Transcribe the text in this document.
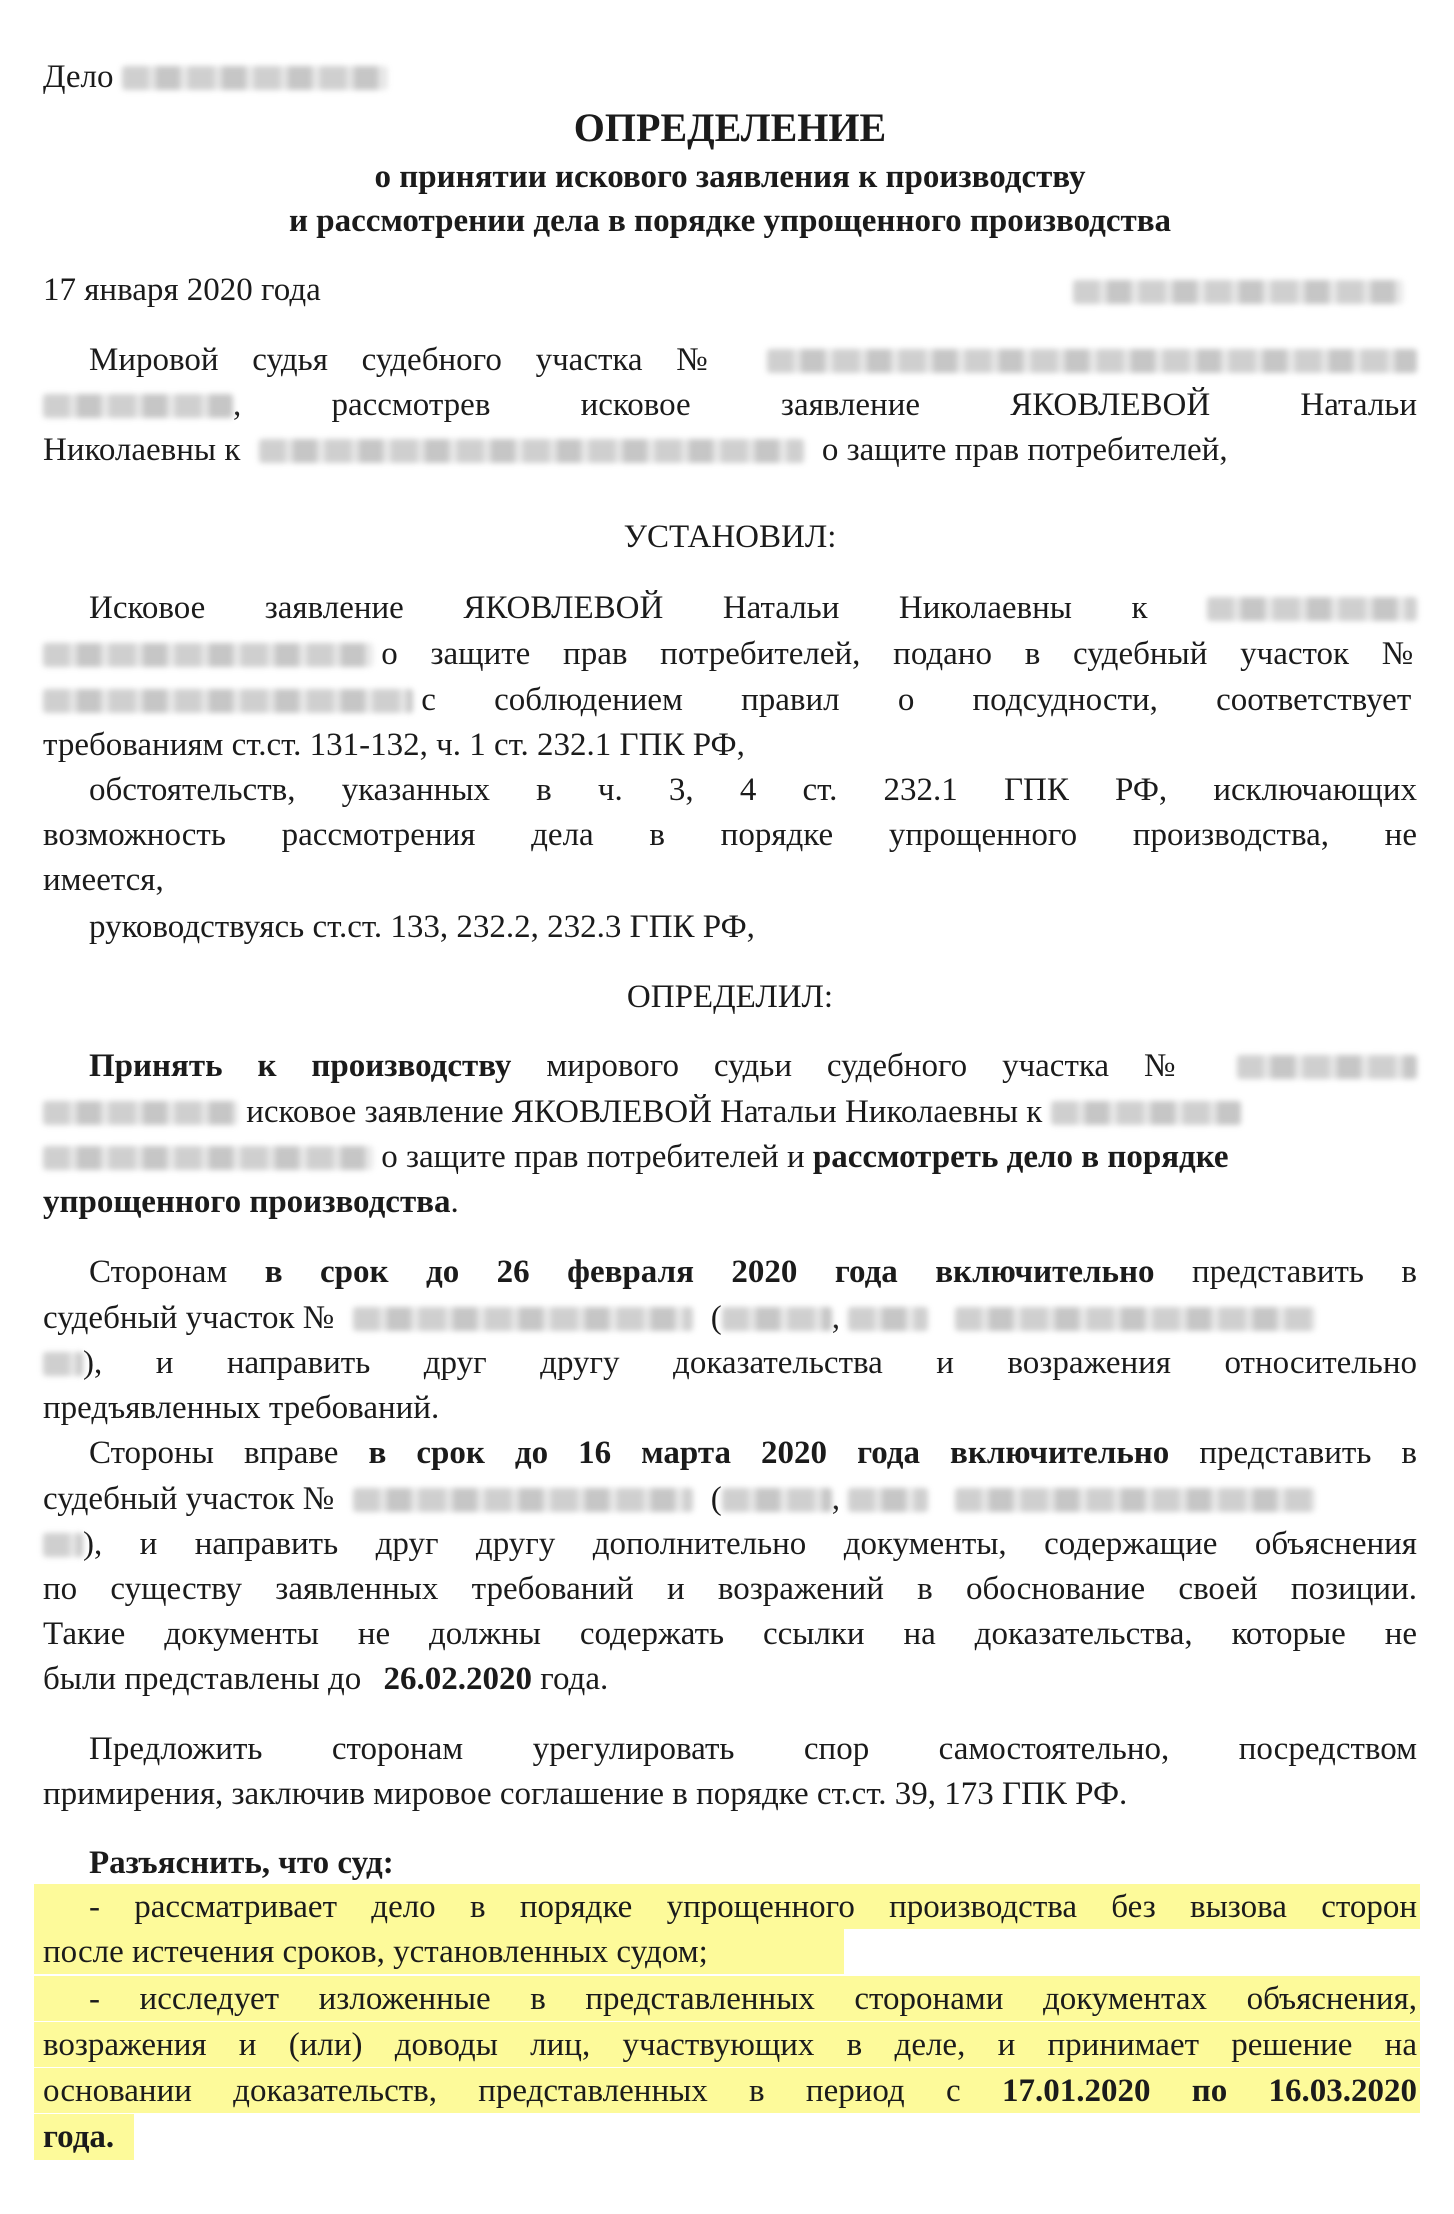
Дело
ОПРЕДЕЛЕНИЕ
о принятии искового заявления к производству
и рассмотрении дела в порядке упрощенного производства
17 января 2020 года
Мировой судья судебного участка №
, рассмотрев исковое заявление ЯКОВЛЕВОЙ Натальи
Николаевны к	о защите прав потребителей,
УСТАНОВИЛ:
Исковое заявление ЯКОВЛЕВОЙ Натальи Николаевны к
о защите прав потребителей, подано в судебный участок №
с соблюдением правил о подсудности, соответствует
требованиям ст.ст. 131-132, ч. 1 ст. 232.1 ГПК РФ,
обстоятельств, указанных в ч. 3, 4 ст. 232.1 ГПК РФ, исключающих
возможность рассмотрения дела в порядке упрощенного производства, не
имеется,
руководствуясь ст.ст. 133, 232.2, 232.3 ГПК РФ,
ОПРЕДЕЛИЛ:
Принять к производству мирового судьи судебного участка №
исковое заявление ЯКОВЛЕВОЙ Натальи Николаевны к
о защите прав потребителей и рассмотреть дело в порядке
упрощенного производства.
Сторонам в срок до 26 февраля 2020 года включительно представить в
судебный участок №	(	,
), и направить друг другу доказательства и возражения относительно
предъявленных требований.
Стороны вправе в срок до 16 марта 2020 года включительно представить в
судебный участок №	(	,
), и направить друг другу дополнительно документы, содержащие объяснения
по существу заявленных требований и возражений в обоснование своей позиции.
Такие документы не должны содержать ссылки на доказательства, которые не
были представлены до 26.02.2020 года.
Предложить сторонам урегулировать спор самостоятельно, посредством
примирения, заключив мировое соглашение в порядке ст.ст. 39, 173 ГПК РФ.
Разъяснить, что суд:
- рассматривает дело в порядке упрощенного производства без вызова сторон
после истечения сроков, установленных судом;
- исследует изложенные в представленных сторонами документах объяснения,
возражения и (или) доводы лиц, участвующих в деле, и принимает решение на
основании доказательств, представленных в период с 17.01.2020 по 16.03.2020
года.
